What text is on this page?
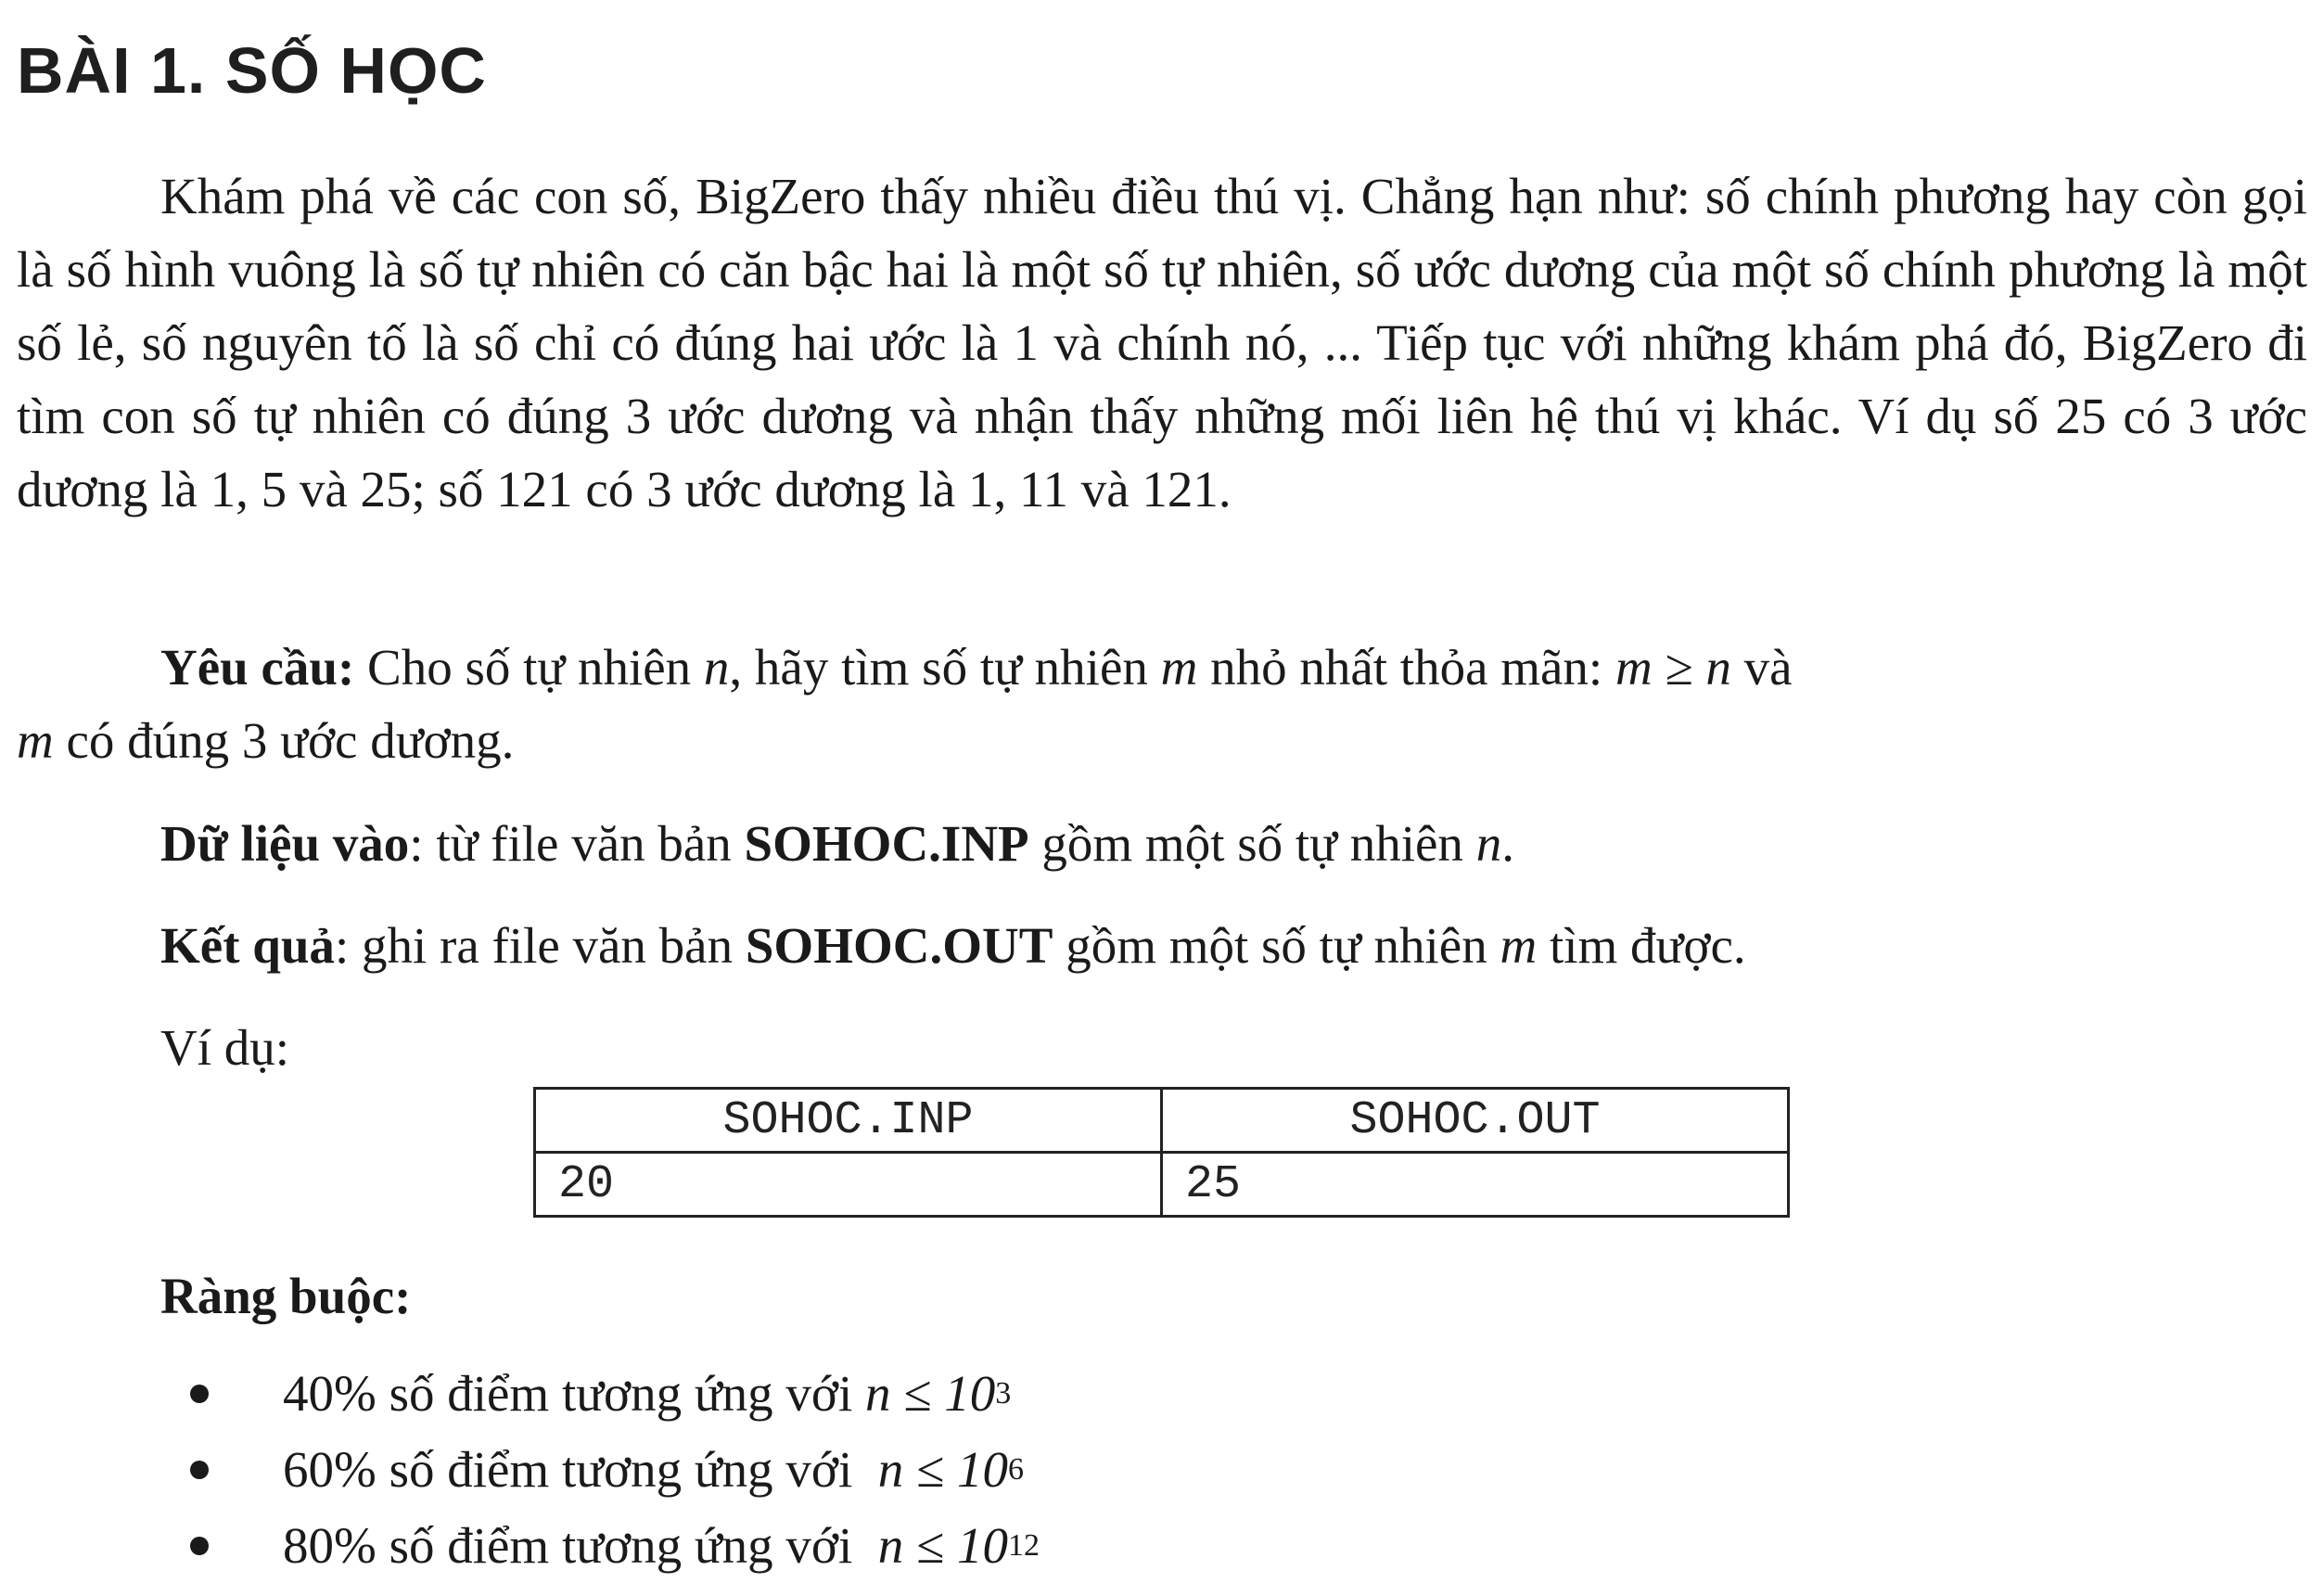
BÀI 1. SỐ HỌC

Khám phá về các con số, BigZero thấy nhiều điều thú vị. Chẳng hạn như: số chính phương hay còn gọi là số hình vuông là số tự nhiên có căn bậc hai là một số tự nhiên, số ước dương của một số chính phương là một số lẻ, số nguyên tố là số chỉ có đúng hai ước là 1 và chính nó, ... Tiếp tục với những khám phá đó, BigZero đi tìm con số tự nhiên có đúng 3 ước dương và nhận thấy những mối liên hệ thú vị khác. Ví dụ số 25 có 3 ước dương là 1, 5 và 25; số 121 có 3 ước dương là 1, 11 và 121.

Yêu cầu: Cho số tự nhiên n, hãy tìm số tự nhiên m nhỏ nhất thỏa mãn: m ≥ n và
m có đúng 3 ước dương.

Dữ liệu vào: từ file văn bản SOHOC.INP gồm một số tự nhiên n.

Kết quả: ghi ra file văn bản SOHOC.OUT gồm một số tự nhiên m tìm được.

Ví dụ:
SOHOC.INP	SOHOC.OUT
20	25
Ràng buộc:
40% số điểm tương ứng với n ≤ 10 3
60% số điểm tương ứng với n ≤ 10 6
80% số điểm tương ứng với n ≤ 10 12
